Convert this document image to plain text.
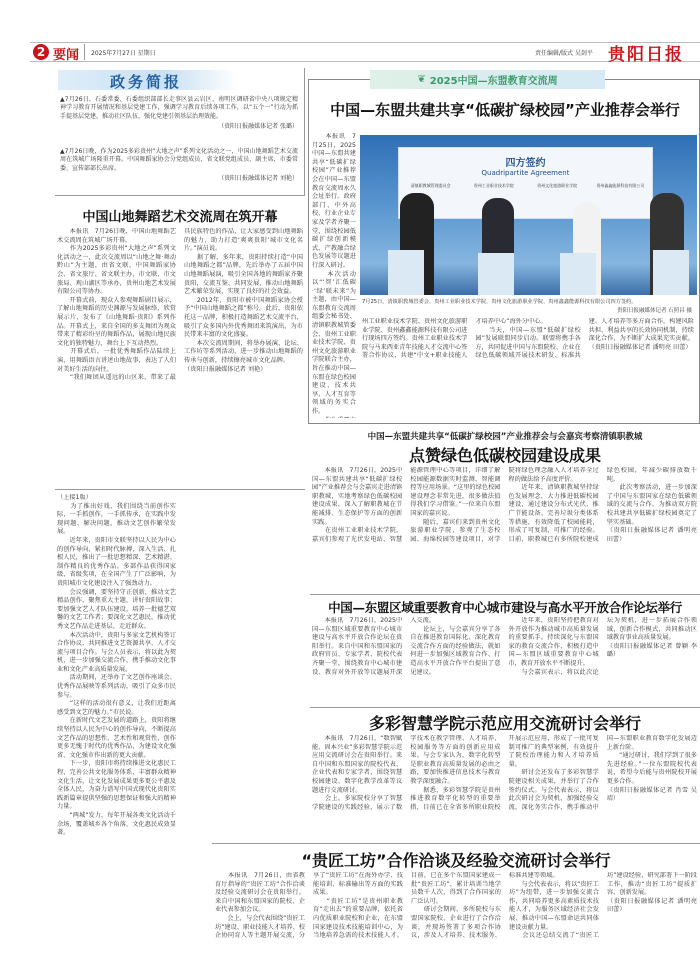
2 要闻 2025年7月27日 星期日	责任编辑/版式 吴剑平 贵阳日报
政务简报
▲7月26日，石委常委、石委组织部部长走事区县云岩区、南明区调研省中央八项规定精神学习教育开展情况和基层党建工作，强调学习教育后续各项工作，以“五个一”行动为抓手提基层党建，推动社区队伍，强化党建引领基层治理效能。
（贵阳日报融媒体记者 张璐）
▲7月26日晚，作为2025多彩贵州“大地之声”系列文化活动之一，中国山地舞蹈艺术交流周在筑城广场隆重开幕。中国舞蹈家协会分党组成员，省文联党组成员、副主席，市委常委、宣传部部长出席。
（贵阳日报融媒体记者 刘艳）
中国山地舞蹈艺术交流周在筑开幕
　　本报讯　7月26日晚，中国山地舞蹈艺术交流周在筑城广场开幕。
　　作为2025多彩贵州“大地之声”系列文化活动之一，此次交流周以“山地之舞·舞动黔山”为主题，由省文联、中国舞蹈家协会、省文旅厅、省文联主办，市文联、市文旅局、观山湖区等承办，贵州山地艺术发展有限公司等协办。
　　开幕式前，现众人参观舞蹈剧目展示，了解山地舞蹈的历史渊源与发展脉络，欣赏展示片，发布了《山地舞蹈·贵阳》系列作品。开幕式上，来自全国的多支舞团为观众带来了精彩纷呈的舞蹈作品，展现山地民族文化的独特魅力，舞台上下互动热烈。
　　开幕式后，一批优秀舞蹈作品陆续上演，用舞蹈语言讲述山地故事，表达了人们对美好生活的向往。
　　“我们舞团从遥远的山区来，带来了最具民族特色的作品，让大家感受到山地舞蹈的魅力，助力打造‘爽爽贵阳’城市文化名片。”演员说。
　　据了解，多年来，贵阳持续打造“中国山地舞蹈之都”品牌，先后举办了五届中国山地舞蹈展演，吸引全国各地的舞蹈家齐聚贵阳，交流互鉴、共同发展，推动山地舞蹈艺术繁荣发展，实现了良好的社会效益。
　　2012年，贵阳市被中国舞蹈家协会授予“中国山地舞蹈之都”称号。此后，贵阳依托这一品牌，积极打造舞蹈艺术交流平台，吸引了众多国内外优秀舞团来筑演出，为市民带来丰富的文化盛宴。
　　本次交流周期间，将举办展演、论坛、工作坊等系列活动，进一步推动山地舞蹈的传承与创新，持续擦亮城市文化品牌。
（贵阳日报融媒体记者 刘艳）
（上接1版）
　　为了推出好戏，我们围绕当前创作实际，一手抓创作，一手抓传承，在实践中发现问题、解决问题，推动文艺创作繁荣发展。
　　近年来，贵阳市文联坚持以人民为中心的创作导向，紧扣时代脉搏，深入生活、扎根人民，推出了一批思想精深、艺术精湛、制作精良的优秀作品。多部作品获得国家级、省级奖项，在全国产生了广泛影响，为贵阳城市文化建设注入了强劲动力。
　　会议强调，要坚持守正创新，推动文艺精品创作，聚焦重大主题，讲好贵阳故事；要加强文艺人才队伍建设，培养一批德艺双馨的文艺工作者；要深化文艺惠民，推动优秀文艺作品走进基层、走近群众。
　　本次活动中，贵阳与多家文艺机构签订合作协议，共同推进文艺资源共享、人才交流与项目合作。与会人员表示，将以此为契机，进一步加强交流合作，携手推动文化事业和文化产业高质量发展。
　　活动期间，还举办了文艺创作座谈会、优秀作品展映等系列活动，吸引了众多市民参与。
　　“这样的活动很有意义，让我们近距离感受到文艺的魅力。”市民说。
　　在新时代文艺发展的道路上，贵阳将继续坚持以人民为中心的创作导向，不断提高文艺作品的思想性、艺术性和观赏性，创作更多无愧于时代的优秀作品，为建设文化强省、文化强市作出新的更大贡献。
　　下一步，贵阳市将持续推进文化惠民工程，完善公共文化服务体系，丰富群众精神文化生活，让文化发展成果更多更公平惠及全体人民，为奋力谱写中国式现代化贵阳实践新篇章提供坚强的思想保证和强大的精神力量。
　　“两城”发力，每年开展各类文化活动千余场，覆盖城乡各个角落，文化惠民成效显著。
❦ 2025中国—东盟教育交流周
中国—东盟共建共享“低碳扩绿校园”产业推荐会举行
　　本报讯　7月25日，2025中国—东盟共建共享“低碳扩绿校园”产业推荐会在中国—东盟教育交流周永久会址举行。政府部门、中外高校、行业企业专家及学者齐聚一堂，围绕校园低碳扩绿创新模式、产教融合绿色发展等议题进行深入研讨。
　　本次活动以“‘智’汇低碳·‘绿’联未来”为主题，由中国—东盟教育交流周组委会秘书处、清镇职教城管委会、贵州工业职业技术学院、贵州文化旅游职业学院联合主办，旨在推动中国—东盟在绿色校园建设、技术共享、人才互育等领域的务实合作。

四方签约
Quadripartite Agreement
清镇职教城管理委员会	贵州工业职业技术学院	贵州文化旅游职业学院	贵州鑫鑫能源科技有限公司
7月25日，清镇职教城管委会、贵州工业职业技术学院、贵州文化旅游职业学院、贵州鑫鑫能源科技有限公司四方签约。
贵阳日报融媒体记者 石照昌 摄
州工业职业技术学院、贵州文化旅游职业学院、贵州鑫鑫能源科技有限公司进行现场四方签约。贵州工业职业技术学院与马来西亚青年技能人才交流中心签署合作协议，共建“中文+职业技能人才培养中心”海外分中心。
　　当天，中国—东盟“低碳扩绿校园”发展联盟同步启动。联盟将携手各方，共同促进中国与东盟院校、企业在绿色低碳领域开展技术研发、标准共建、人才培养等多方面合作，构建风险共担、利益共享的长效协同机制，持续深化合作，为不断扩大成果充实贡献。
（贵阳日报融媒体记者 潘明亮 田蕾）
中国—东盟共建共享“低碳扩绿校园”产业推荐会与会嘉宾考察清镇职教城
点赞绿色低碳校园建设成果
　　本报讯　7月26日，2025中国—东盟共建共享“低碳扩绿校园”产业推荐会与会嘉宾走进清镇职教城，实地考察绿色低碳校园建设成果，深入了解职教城在节能减排、生态保护等方面的创新实践。
　　在贵州工业职业技术学院，嘉宾们参观了光伏发电站、智慧能源管理中心等项目，详细了解校园能源数据实时监测、智能调控等应用场景。“这里的绿色校园建设理念非常先进，很多做法值得我们学习借鉴。”一位来自东盟国家的嘉宾说。
　　随后，嘉宾们来到贵州文化旅游职业学院，参观了生态校园、海绵校园等建设项目，对学院将绿色理念融入人才培养全过程的做法给予高度评价。
　　近年来，清镇职教城坚持绿色发展理念，大力推进低碳校园建设，通过建设分布式光伏、推广节能设备、完善垃圾分类体系等措施，有效降低了校园能耗，形成了可复制、可推广的经验。目前，职教城已有多所院校建成绿色校园，年减少碳排放数千吨。
　　此次考察活动，进一步加深了中国与东盟国家在绿色低碳领域的交流与合作，为推动双方院校共建共享低碳扩绿校园奠定了坚实基础。
（贵阳日报融媒体记者 潘明亮 田蕾）
中国—东盟区域重要教育中心城市建设与高水平开放合作论坛举行
　　本报讯　7月26日，2025中国—东盟区域重要教育中心城市建设与高水平开放合作论坛在贵阳举行。来自中国和东盟国家的政府官员、专家学者、院校代表齐聚一堂，围绕教育中心城市建设、教育对外开放等议题展开深入交流。
　　论坛上，与会嘉宾分享了各自在推进教育国际化、深化教育交流合作方面的经验做法，就如何进一步加强区域教育合作、打造高水平开放合作平台提出了意见建议。
　　近年来，贵阳坚持把教育对外开放作为推动城市高质量发展的重要抓手，持续深化与东盟国家的教育交流合作，积极打造中国—东盟区域重要教育中心城市，教育开放水平不断提升。
　　与会嘉宾表示，将以此次论坛为契机，进一步拓展合作领域，创新合作模式，共同推动区域教育事业高质量发展。
（贵阳日报融媒体记者 曾颖 李璐）
多彩智慧学院示范应用交流研讨会举行
　　本报讯　7月26日，“数智赋能、固本兴业”多彩智慧学院示范应用交流研讨会在贵阳举行。来自中国和东盟国家的院校代表、企业代表和专家学者，围绕智慧校园建设、数字化教学改革等议题进行交流研讨。
　　会上，多家院校分享了智慧学院建设的实践经验，展示了数字技术在教学管理、人才培养、校园服务等方面的创新应用成果。与会专家认为，数字化转型是职业教育高质量发展的必由之路，要加快推进信息技术与教育教学深度融合。
　　据悉，多彩智慧学院是贵州推进教育数字化转型的重要举措，目前已在全省多所职业院校开展示范应用，形成了一批可复制可推广的典型案例，有效提升了院校治理能力和人才培养质量。
　　研讨会还发布了多彩智慧学院建设相关成果，并举行了合作签约仪式。与会代表表示，将以此次研讨会为契机，加强经验交流，深化务实合作，携手推动中国—东盟职业教育数字化发展迈上新台阶。
　　“通过研讨，我们学到了很多先进经验。”一位东盟院校代表说，希望今后能与贵州院校开展更多合作。
（贵阳日报融媒体记者 肖雪 吴靖）
“贵匠工坊”合作洽谈及经验交流研讨会举行
　　本报讯　7月26日，由省教育厅指导的“贵匠工坊”合作洽谈及经验交流研讨会在贵阳举行。来自中国和东盟国家的院校、企业代表参加会议。
　　会上，与会代表围绕“贵匠工坊”建设、职业技能人才培养、校企协同育人等主题开展交流，分享了“贵匠工坊”在海外办学、技能培训、标准输出等方面的实践成果。
　　“贵匠工坊”是贵州职业教育“走出去”的重要品牌，依托省内优质职业院校和企业，在东盟国家建设技术技能培训中心，为当地培养急需的技术技能人才。目前，已在多个东盟国家建成一批“贵匠工坊”，累计培训当地学员数千人次，得到了合作国家的广泛认可。
　　研讨会期间，多所院校与东盟国家院校、企业进行了合作洽谈，并现场签署了多项合作协议，涉及人才培养、技术服务、标准共建等领域。
　　与会代表表示，将以“贵匠工坊”为纽带，进一步加强交流合作，共同培养更多高素质技术技能人才，为服务区域经济社会发展、推动中国—东盟命运共同体建设贡献力量。
　　会议还总结交流了“贵匠工坊”建设经验，研究部署下一阶段工作，推动“贵匠工坊”提质扩容、创新发展。
（贵阳日报融媒体记者 潘明亮 田蕾）
